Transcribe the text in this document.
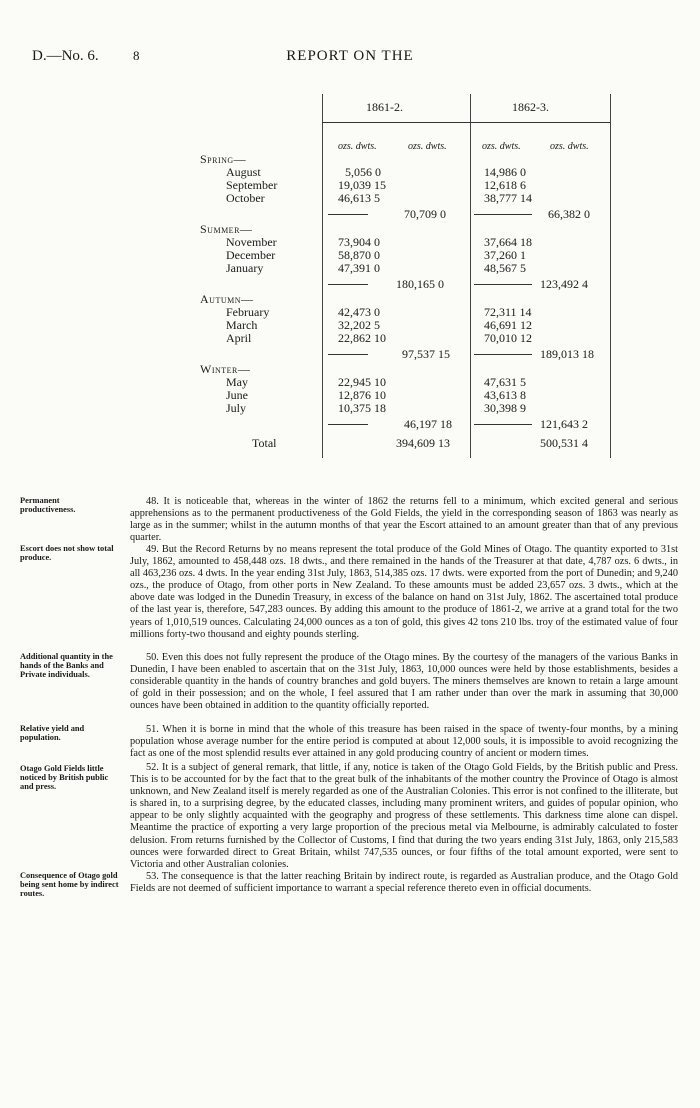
D.—No. 6.	8	REPORT ON THE
1861-2.	1862-3.
ozs. dwts.	ozs. dwts.	ozs. dwts.	ozs. dwts.
Spring—
August	5,056 0	14,986 0
September	19,039 15	12,618 6
October	46,613 5	38,777 14
70,709 0	66,382 0
Summer—
November	73,904 0	37,664 18
December	58,870 0	37,260 1
January	47,391 0	48,567 5
180,165 0	123,492 4
Autumn—
February	42,473 0	72,311 14
March	32,202 5	46,691 12
April	22,862 10	70,010 12
97,537 15	189,013 18
Winter—
May	22,945 10	47,631 5
June	12,876 10	43,613 8
July	10,375 18	30,398 9
46,197 18	121,643 2
Total	394,609 13	500,531 4
Permanent productiveness.
Escort does not show total produce.
Additional quantity in the hands of the Banks and Private individuals.
Relative yield and population.
Otago Gold Fields little noticed by British public and press.
Consequence of Otago gold being sent home by indirect routes.

48. It is noticeable that, whereas in the winter of 1862 the returns fell to a minimum, which excited general and serious apprehensions as to the permanent productiveness of the Gold Fields, the yield in the corresponding season of 1863 was nearly as large as in the summer; whilst in the autumn months of that year the Escort attained to an amount greater than that of any previous quarter.

49. But the Record Returns by no means represent the total produce of the Gold Mines of Otago. The quantity exported to 31st July, 1862, amounted to 458,448 ozs. 18 dwts., and there remained in the hands of the Treasurer at that date, 4,787 ozs. 6 dwts., in all 463,236 ozs. 4 dwts. In the year ending 31st July, 1863, 514,385 ozs. 17 dwts. were exported from the port of Dunedin; and 9,240 ozs., the produce of Otago, from other ports in New Zealand. To these amounts must be added 23,657 ozs. 3 dwts., which at the above date was lodged in the Dunedin Treasury, in excess of the balance on hand on 31st July, 1862. The ascertained total produce of the last year is, therefore, 547,283 ounces. By adding this amount to the produce of 1861-2, we arrive at a grand total for the two years of 1,010,519 ounces. Calculating 24,000 ounces as a ton of gold, this gives 42 tons 210 lbs. troy of the estimated value of four millions forty-two thousand and eighty pounds sterling.

50. Even this does not fully represent the produce of the Otago mines. By the courtesy of the managers of the various Banks in Dunedin, I have been enabled to ascertain that on the 31st July, 1863, 10,000 ounces were held by those establishments, besides a considerable quantity in the hands of country branches and gold buyers. The miners themselves are known to retain a large amount of gold in their possession; and on the whole, I feel assured that I am rather under than over the mark in assuming that 30,000 ounces have been obtained in addition to the quantity officially reported.

51. When it is borne in mind that the whole of this treasure has been raised in the space of twenty-four months, by a mining population whose average number for the entire period is computed at about 12,000 souls, it is impossible to avoid recognizing the fact as one of the most splendid results ever attained in any gold producing country of ancient or modern times.

52. It is a subject of general remark, that little, if any, notice is taken of the Otago Gold Fields, by the British public and Press. This is to be accounted for by the fact that to the great bulk of the inhabitants of the mother country the Province of Otago is almost unknown, and New Zealand itself is merely regarded as one of the Australian Colonies. This error is not confined to the illiterate, but is shared in, to a surprising degree, by the educated classes, including many prominent writers, and guides of popular opinion, who appear to be only slightly acquainted with the geography and progress of these settlements. This darkness time alone can dispel. Meantime the practice of exporting a very large proportion of the precious metal via Melbourne, is admirably calculated to foster delusion. From returns furnished by the Collector of Customs, I find that during the two years ending 31st July, 1863, only 215,583 ounces were forwarded direct to Great Britain, whilst 747,535 ounces, or four fifths of the total amount exported, were sent to Victoria and other Australian colonies.

53. The consequence is that the latter reaching Britain by indirect route, is regarded as Australian produce, and the Otago Gold Fields are not deemed of sufficient importance to warrant a special reference thereto even in official documents.
